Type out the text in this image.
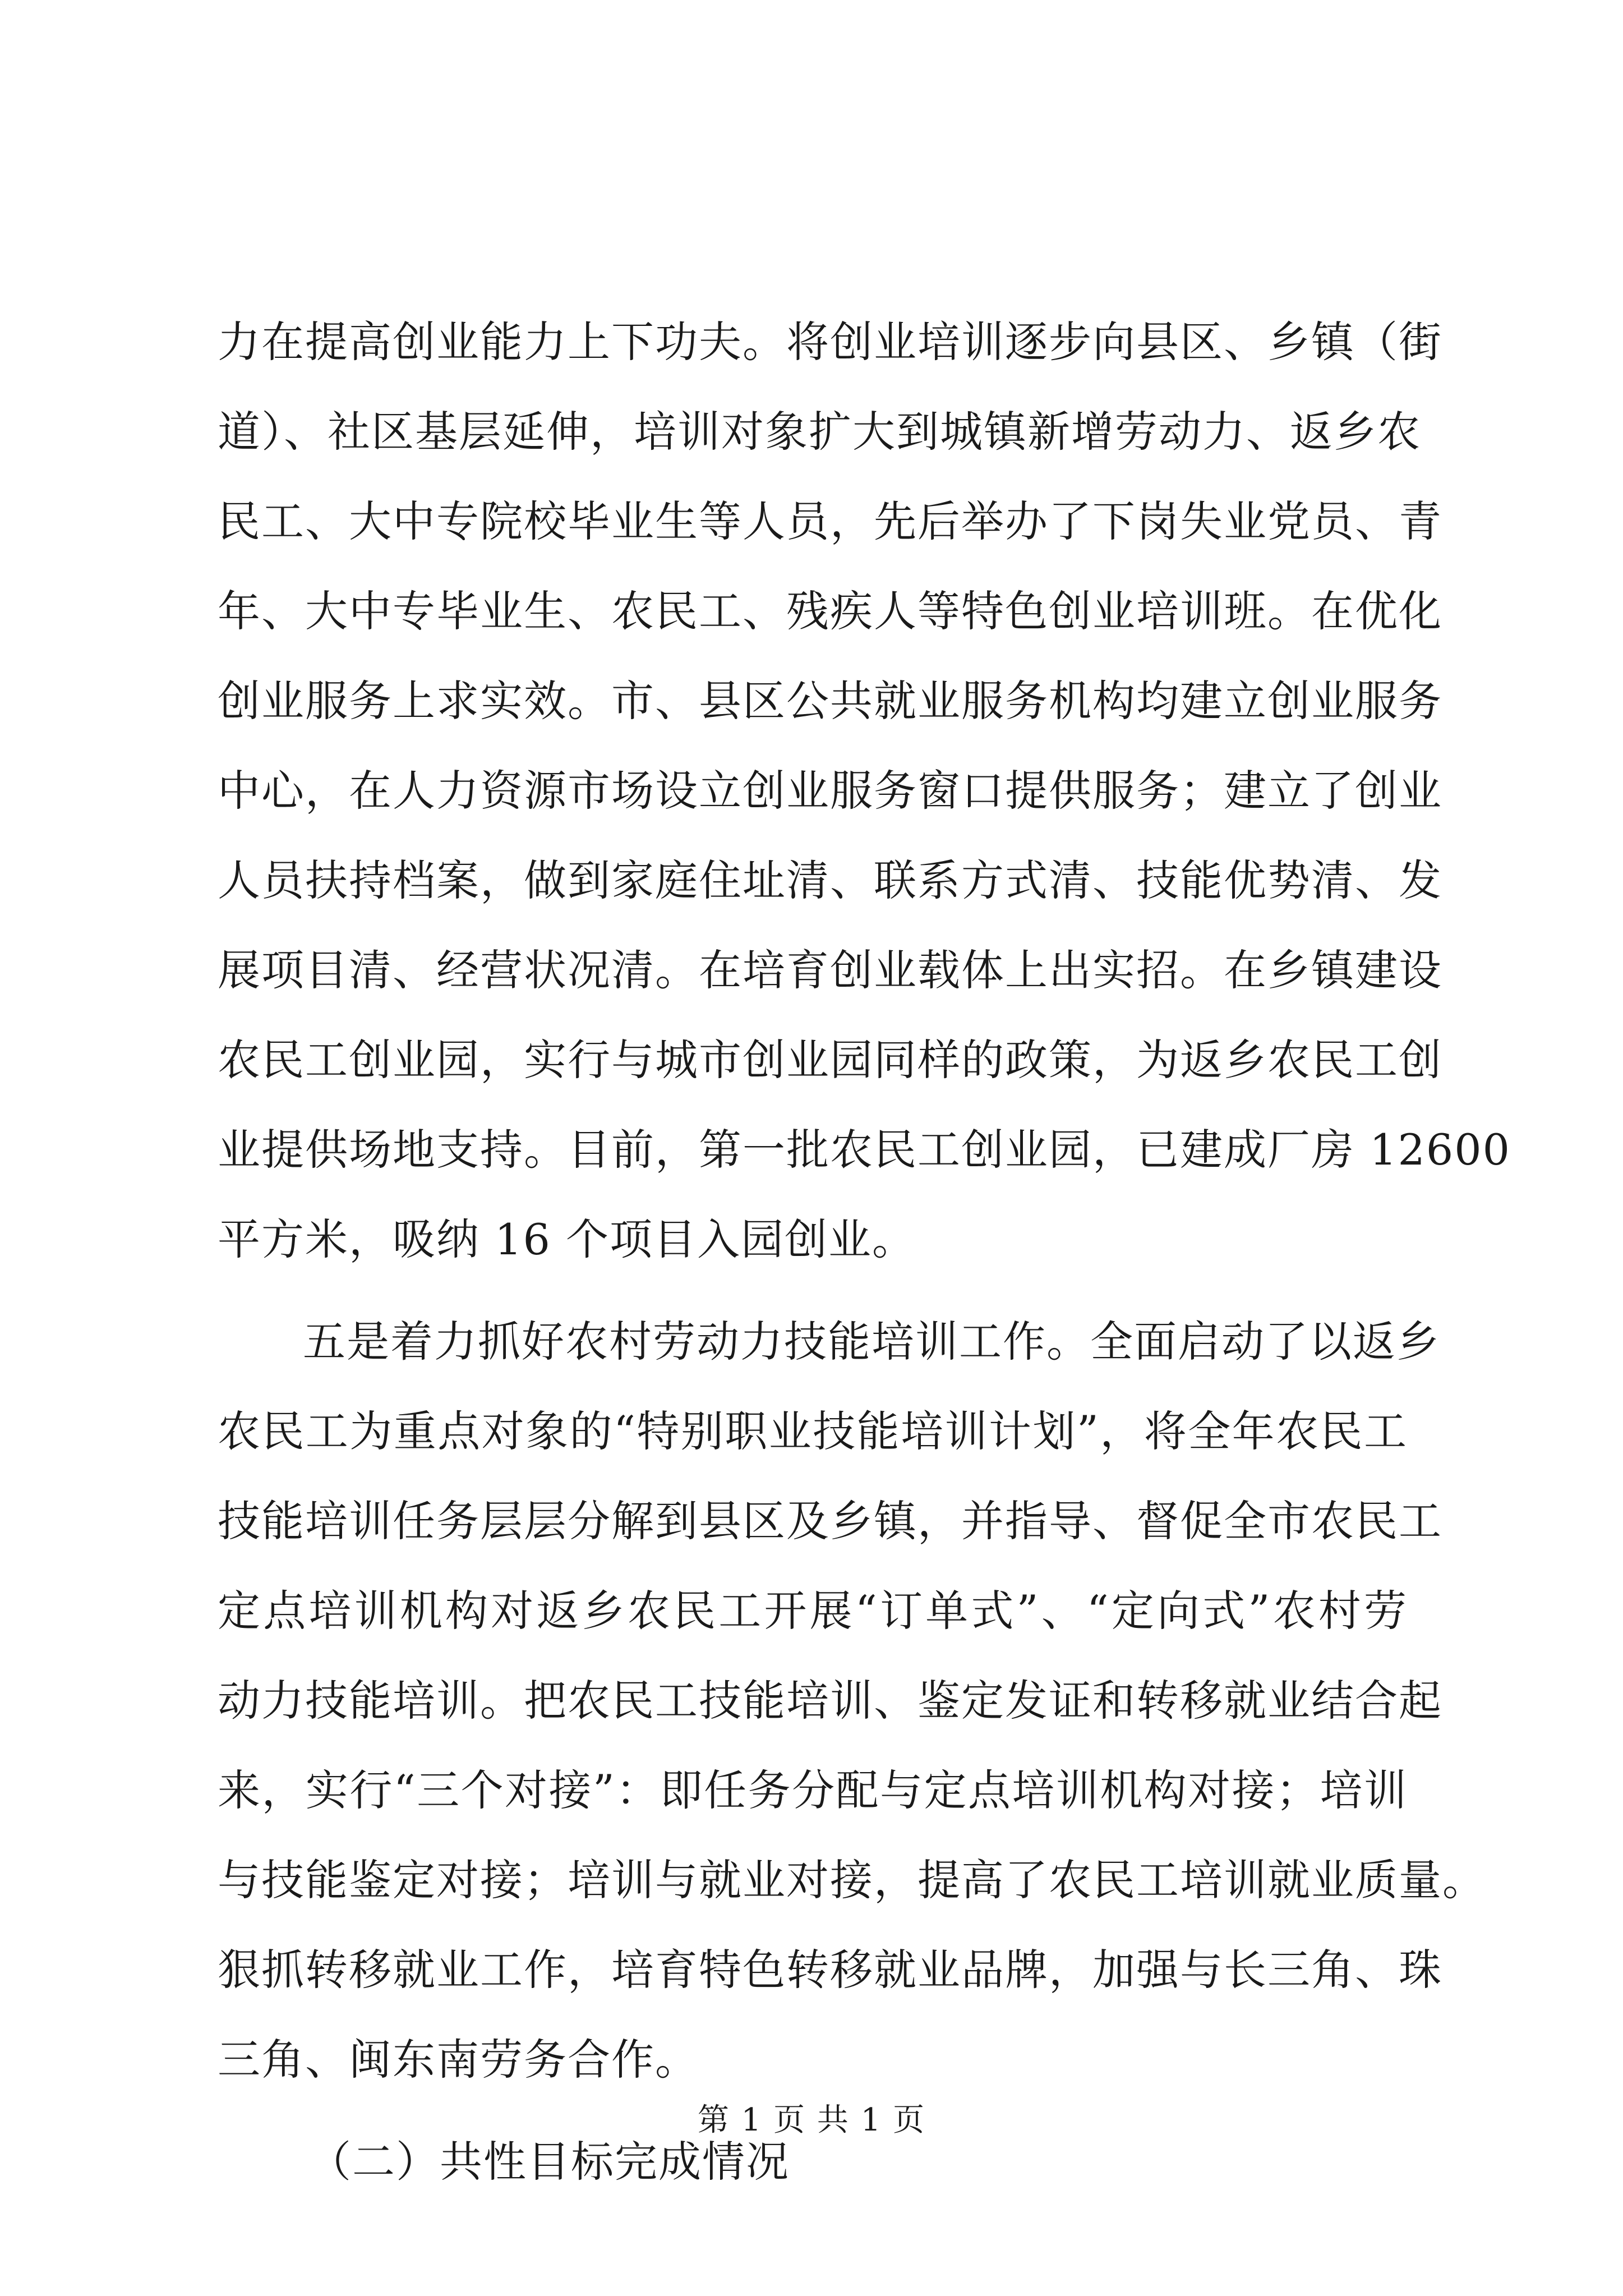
力在提高创业能力上下功夫。将创业培训逐步向县区、乡镇（街
道）、社区基层延伸，培训对象扩大到城镇新增劳动力、返乡农
民工、大中专院校毕业生等人员，先后举办了下岗失业党员、青
年、大中专毕业生、农民工、残疾人等特色创业培训班。在优化
创业服务上求实效。市、县区公共就业服务机构均建立创业服务
中心，在人力资源市场设立创业服务窗口提供服务；建立了创业
人员扶持档案，做到家庭住址清、联系方式清、技能优势清、发
展项目清、经营状况清。在培育创业载体上出实招。在乡镇建设
农民工创业园，实行与城市创业园同样的政策，为返乡农民工创
业提供场地支持。目前，第一批农民工创业园，已建成厂房 12600
平方米，吸纳 16 个项目入园创业。
五是着力抓好农村劳动力技能培训工作。全面启动了以返乡
农民工为重点对象的“特别职业技能培训计划”，将全年农民工
技能培训任务层层分解到县区及乡镇，并指导、督促全市农民工
定点培训机构对返乡农民工开展“订单式”、“定向式”农村劳
动力技能培训。把农民工技能培训、鉴定发证和转移就业结合起
来，实行“三个对接”：即任务分配与定点培训机构对接；培训
与技能鉴定对接；培训与就业对接，提高了农民工培训就业质量。
狠抓转移就业工作，培育特色转移就业品牌，加强与长三角、珠
三角、闽东南劳务合作。
（二）共性目标完成情况
第 1 页 共 1 页
